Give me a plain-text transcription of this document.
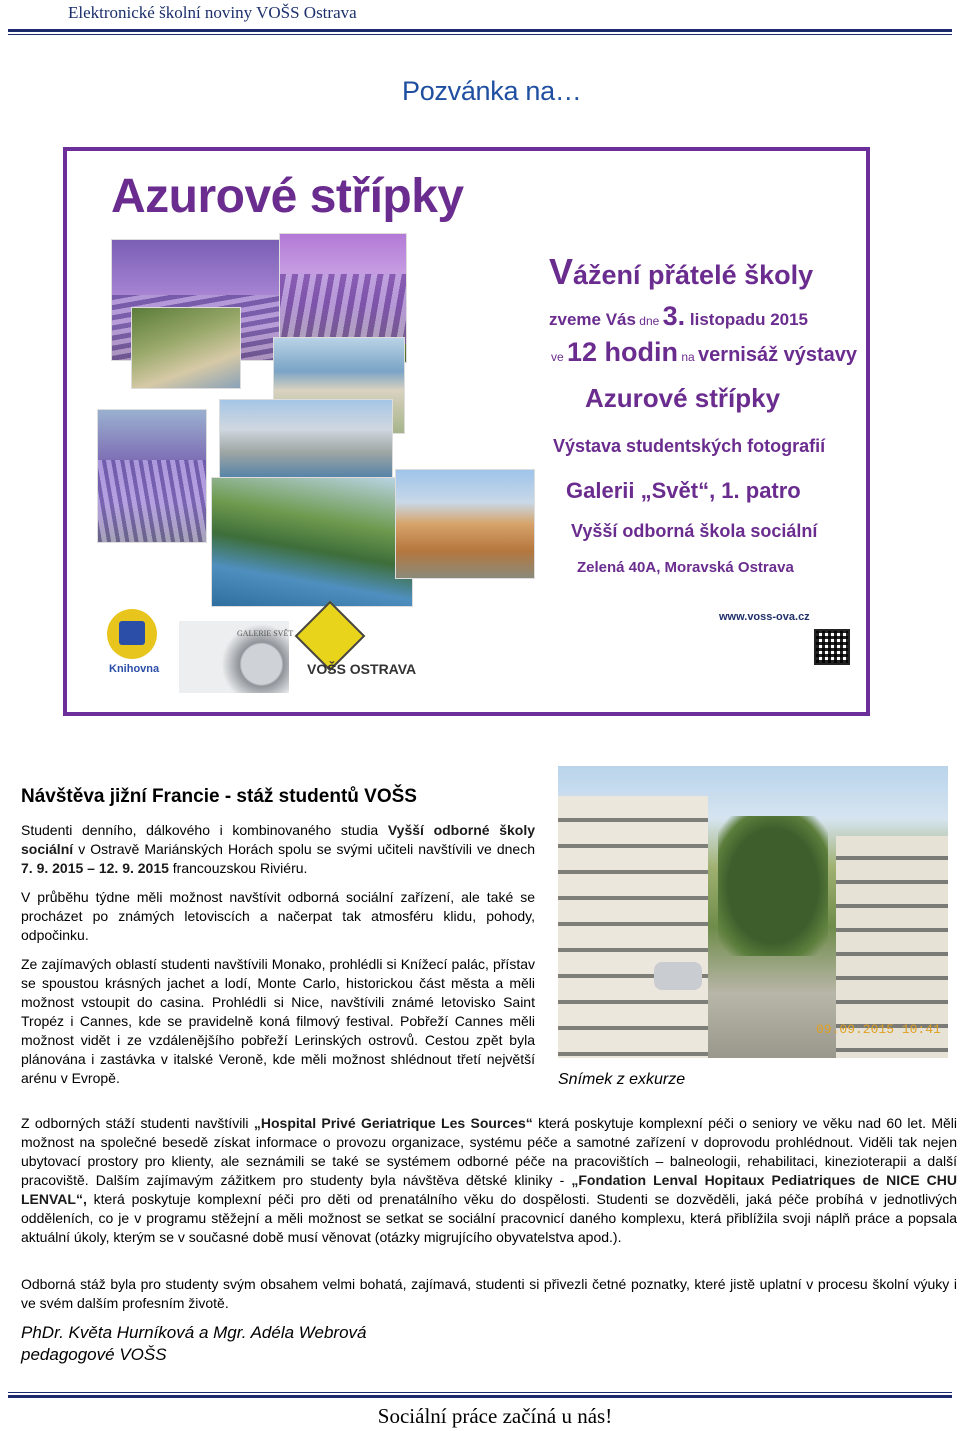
Elektronické školní noviny VOŠS Ostrava
Pozvánka na…
Azurové střípky
Vážení přátelé školy
zveme Vás dne 3. listopadu 2015
ve 12 hodin na vernisáž výstavy
Azurové střípky
Výstava studentských fotografií
Galerii „Svět“, 1. patro
Vyšší odborná škola sociální
Zelená 40A, Moravská Ostrava
www.voss-ova.cz
Knihovna
GALERIE SVĚT
VOŠS OSTRAVA
Návštěva jižní Francie - stáž studentů VOŠS
Studenti denního, dálkového i kombinovaného studia Vyšší odborné školy sociální v Ostravě Mariánských Horách spolu se svými učiteli navštívili ve dnech 7. 9. 2015 – 12. 9. 2015 francouzskou Riviéru.
V průběhu týdne měli možnost navštívit odborná sociální zařízení, ale také se procházet po známých letoviscích a načerpat tak atmosféru klidu, pohody, odpočinku.
Ze zajímavých oblastí studenti navštívili Monako, prohlédli si Knížecí palác, přístav se spoustou krásných jachet a lodí, Monte Carlo, historickou část města a měli možnost vstoupit do casina. Prohlédli si Nice, navštívili známé letovisko Saint Tropéz i Cannes, kde se pravidelně koná filmový festival. Pobřeží Cannes měli možnost vidět i ze vzdálenějšího pobřeží Lerinských ostrovů. Cestou zpět byla plánována i zastávka v italské Veroně, kde měli možnost shlédnout třetí největší arénu v Evropě.
09.09.2015 10:41
Snímek z exkurze
Z odborných stáží studenti navštívili „Hospital Privé Geriatrique Les Sources“ která poskytuje komplexní péči o seniory ve věku nad 60 let. Měli možnost na společné besedě získat informace o provozu organizace, systému péče a samotné zařízení v doprovodu prohlédnout. Viděli tak nejen ubytovací prostory pro klienty, ale seznámili se také se systémem odborné péče na pracovištích – balneologii, rehabilitaci, kinezioterapii a další pracoviště. Dalším zajímavým zážitkem pro studenty byla návštěva dětské kliniky - „Fondation Lenval Hopitaux Pediatriques de NICE CHU LENVAL“, která poskytuje komplexní péči pro děti od prenatálního věku do dospělosti. Studenti se dozvěděli, jaká péče probíhá v jednotlivých odděleních, co je v programu stěžejní a měli možnost se setkat se sociální pracovnicí daného komplexu, která přiblížila svoji náplň práce a popsala aktuální úkoly, kterým se v současné době musí věnovat (otázky migrujícího obyvatelstva apod.).
Odborná stáž byla pro studenty svým obsahem velmi bohatá, zajímavá, studenti si přivezli četné poznatky, které jistě uplatní v procesu školní výuky i ve svém dalším profesním životě.
PhDr. Květa Hurníková a Mgr. Adéla Webrová
pedagogové VOŠS
Sociální práce začíná u nás!
